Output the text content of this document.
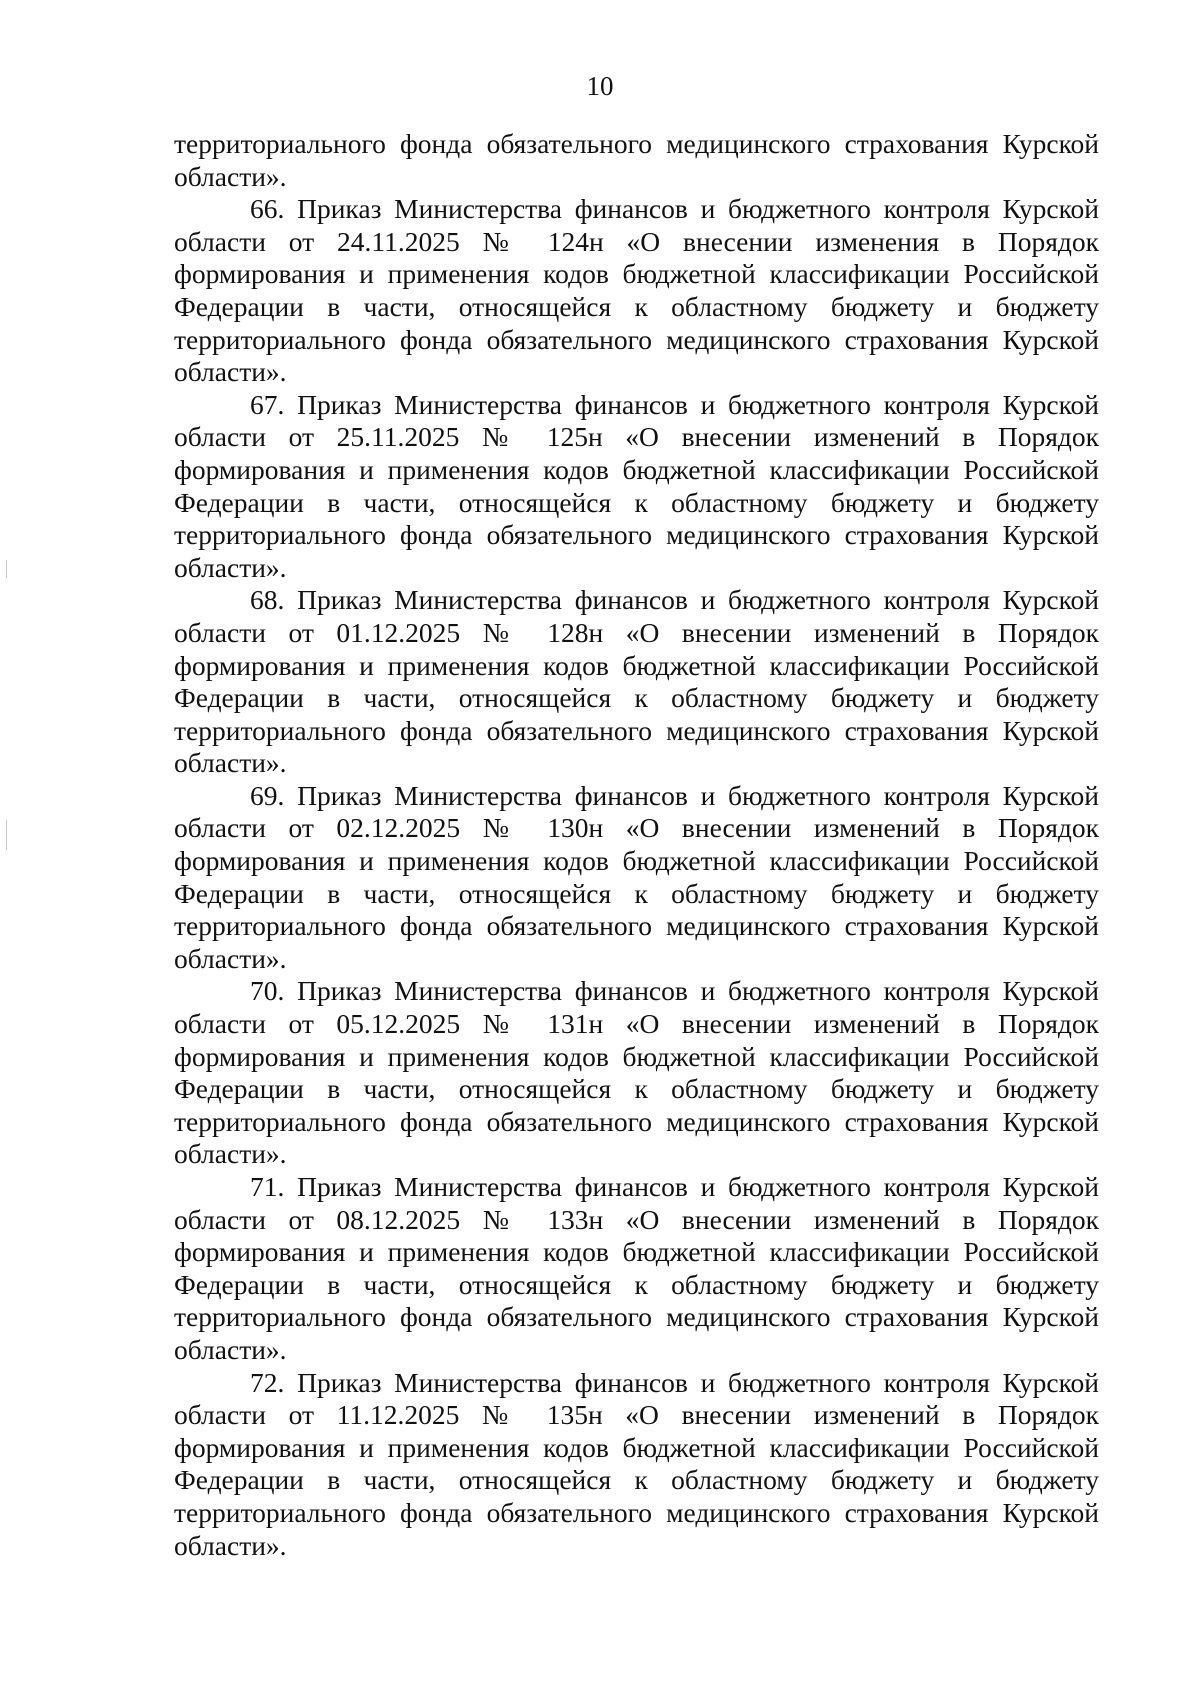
10

территориального фонда обязательного медицинского страхования Курской области».

66. Приказ Министерства финансов и бюджетного контроля Курской области от 24.11.2025 № 124н «О внесении изменения в Порядок формирования и применения кодов бюджетной классификации Российской Федерации в части, относящейся к областному бюджету и бюджету территориального фонда обязательного медицинского страхования Курской области».

67. Приказ Министерства финансов и бюджетного контроля Курской области от 25.11.2025 № 125н «О внесении изменений в Порядок формирования и применения кодов бюджетной классификации Российской Федерации в части, относящейся к областному бюджету и бюджету территориального фонда обязательного медицинского страхования Курской области».

68. Приказ Министерства финансов и бюджетного контроля Курской области от 01.12.2025 № 128н «О внесении изменений в Порядок формирования и применения кодов бюджетной классификации Российской Федерации в части, относящейся к областному бюджету и бюджету территориального фонда обязательного медицинского страхования Курской области».

69. Приказ Министерства финансов и бюджетного контроля Курской области от 02.12.2025 № 130н «О внесении изменений в Порядок формирования и применения кодов бюджетной классификации Российской Федерации в части, относящейся к областному бюджету и бюджету территориального фонда обязательного медицинского страхования Курской области».

70. Приказ Министерства финансов и бюджетного контроля Курской области от 05.12.2025 № 131н «О внесении изменений в Порядок формирования и применения кодов бюджетной классификации Российской Федерации в части, относящейся к областному бюджету и бюджету территориального фонда обязательного медицинского страхования Курской области».

71. Приказ Министерства финансов и бюджетного контроля Курской области от 08.12.2025 № 133н «О внесении изменений в Порядок формирования и применения кодов бюджетной классификации Российской Федерации в части, относящейся к областному бюджету и бюджету территориального фонда обязательного медицинского страхования Курской области».

72. Приказ Министерства финансов и бюджетного контроля Курской области от 11.12.2025 № 135н «О внесении изменений в Порядок формирования и применения кодов бюджетной классификации Российской Федерации в части, относящейся к областному бюджету и бюджету территориального фонда обязательного медицинского страхования Курской области».
